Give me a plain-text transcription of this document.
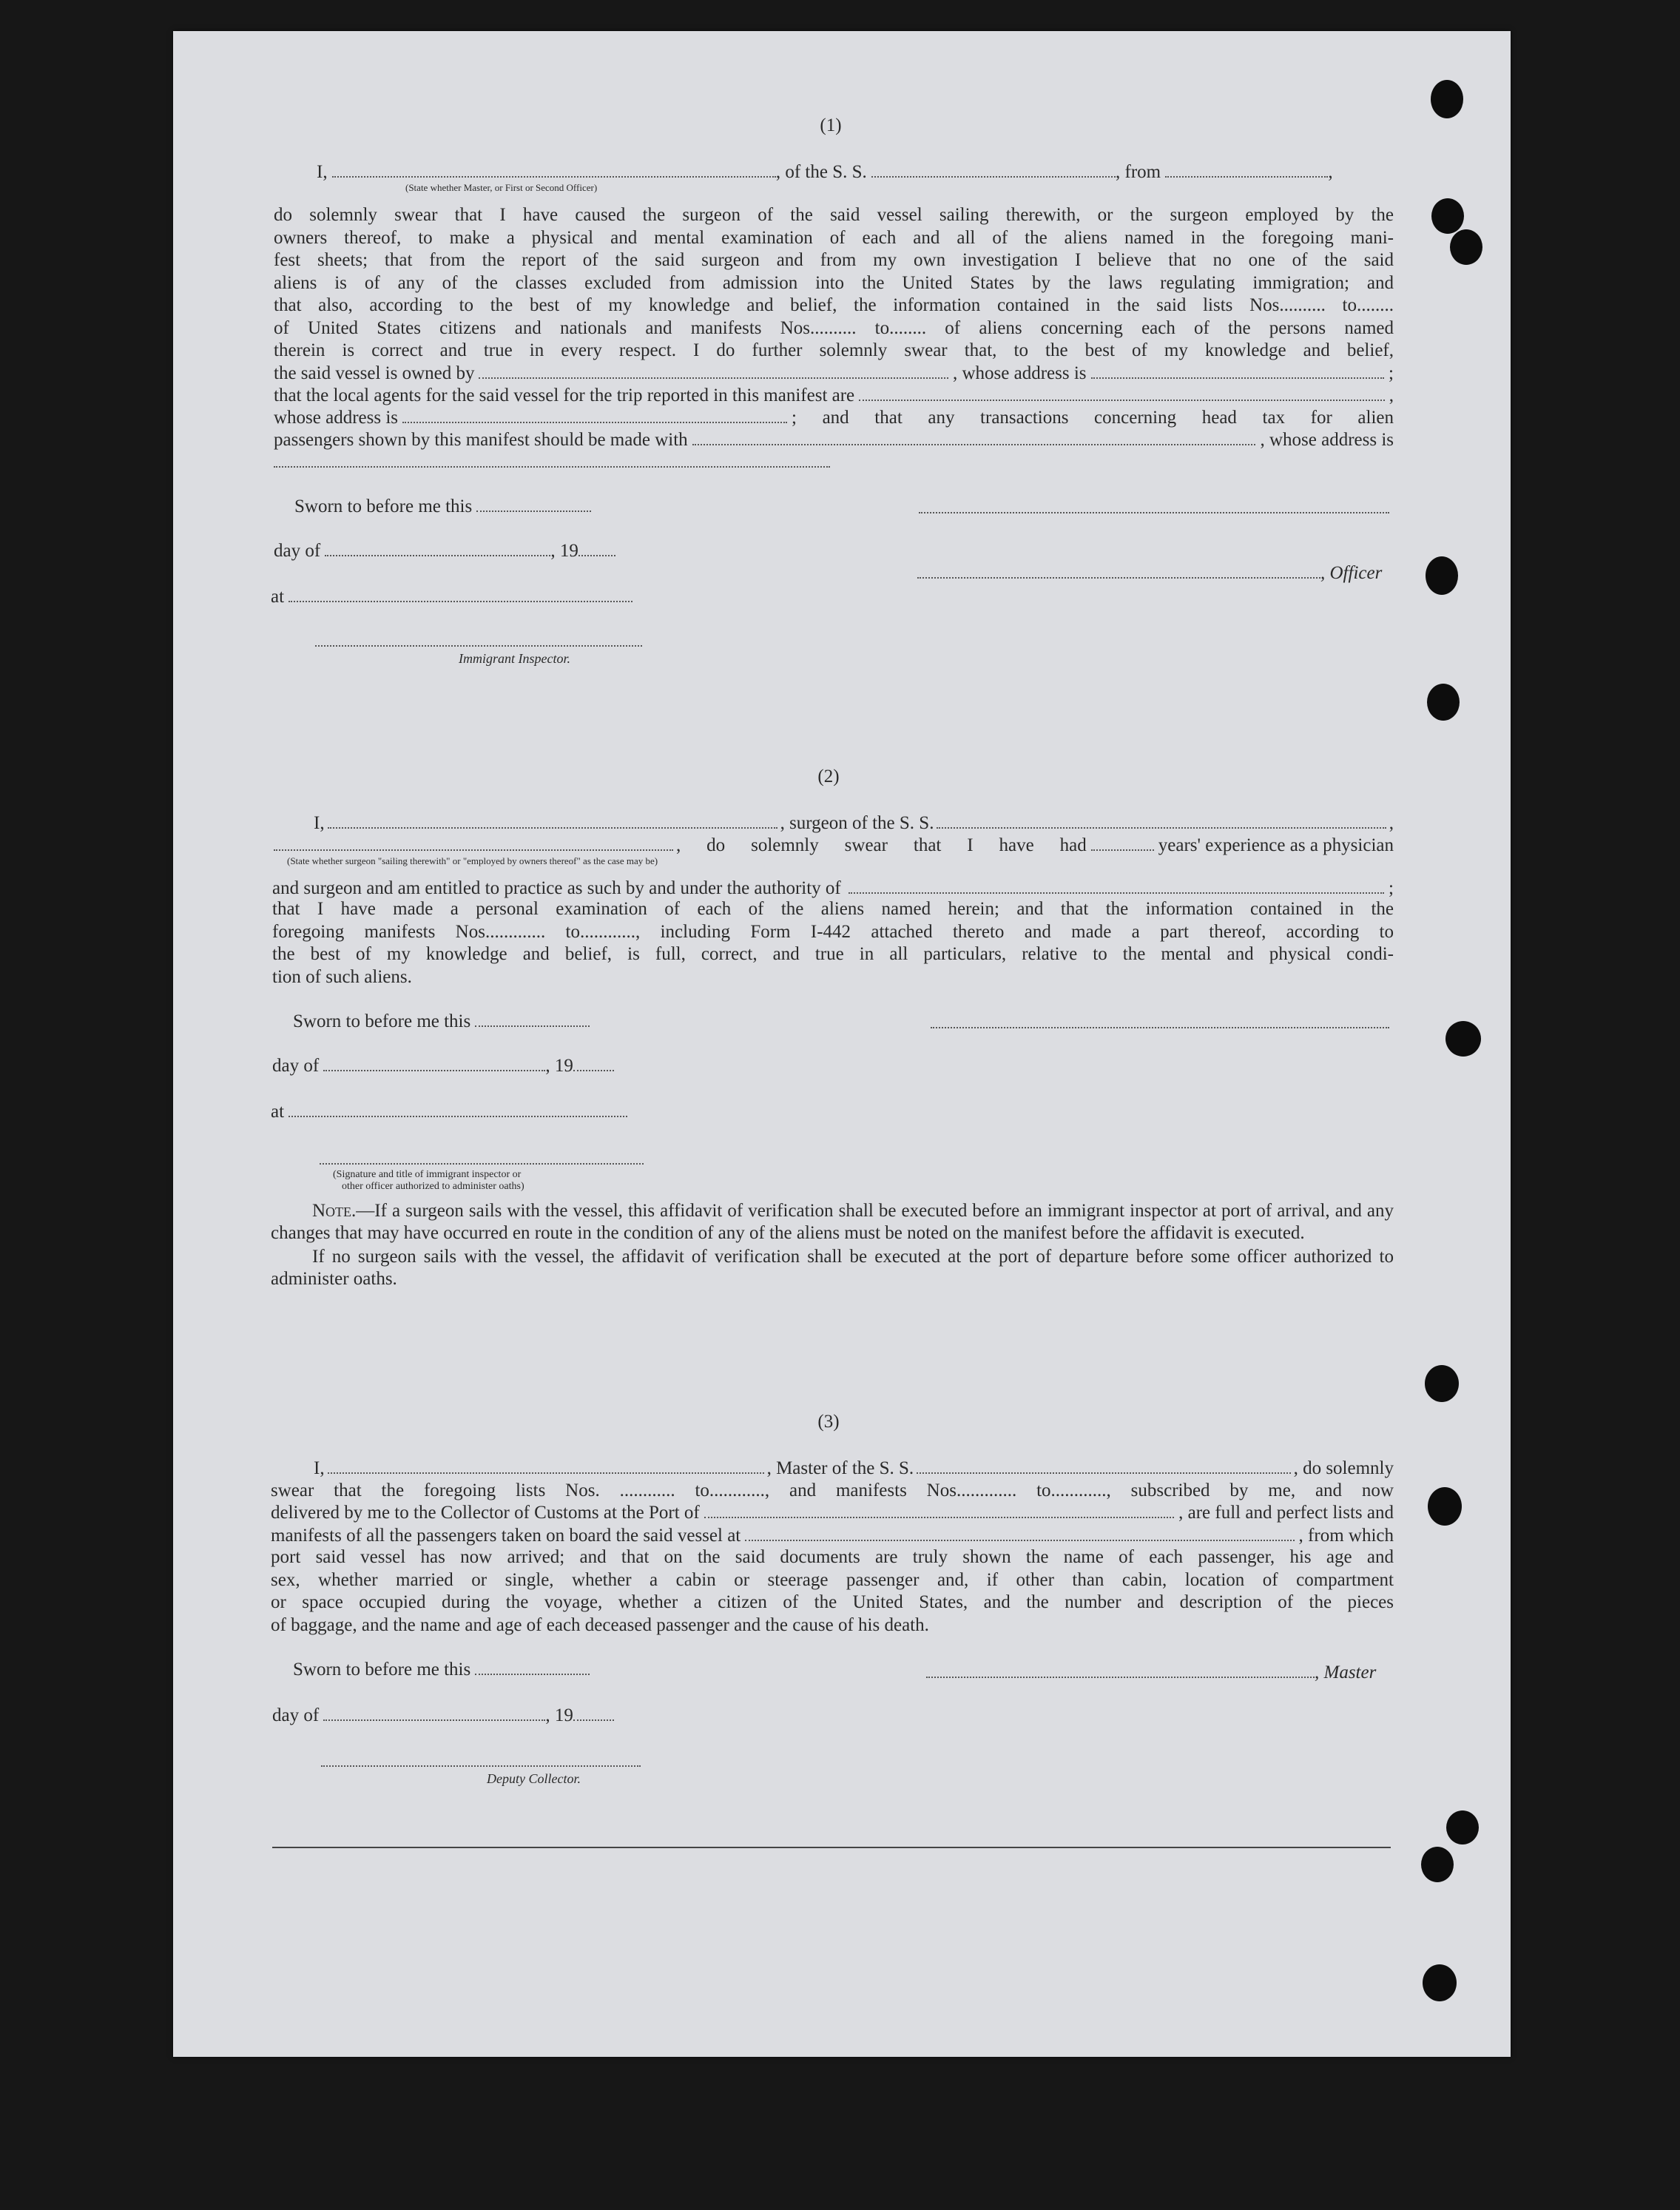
(1)
I,	, of the S. S.	, from	,
(State whether Master, or First or Second Officer)

do solemnly swear that I have caused the surgeon of the said vessel sailing therewith, or the surgeon employed by the

owners thereof, to make a physical and mental examination of each and all of the aliens named in the foregoing mani-

fest sheets; that from the report of the said surgeon and from my own investigation I believe that no one of the said

aliens is of any of the classes excluded from admission into the United States by the laws regulating immigration; and

that also, according to the best of my knowledge and belief, the information contained in the said lists Nos.......... to........

of United States citizens and nationals and manifests Nos.......... to........ of aliens concerning each of the persons named

therein is correct and true in every respect. I do further solemnly swear that, to the best of my knowledge and belief,

the said vessel is owned by	, whose address is	;
that the local agents for the said vessel for the trip reported in this manifest are	,
whose address is	; and that any transactions concerning head tax for alien
passengers shown by this manifest should be made with	, whose address is
Sworn to before me this
day of	, 19
, Officer
at
Immigrant Inspector.
(2)
I,	, surgeon of the S. S.	,
, do solemnly swear that I have had	years' experience as a physician
(State whether surgeon "sailing therewith" or "employed by owners thereof" as the case may be)
and surgeon and am entitled to practice as such by and under the authority of	;

that I have made a personal examination of each of the aliens named herein; and that the information contained in the

foregoing manifests Nos............. to............, including Form I-442 attached thereto and made a part thereof, according to

the best of my knowledge and belief, is full, correct, and true in all particulars, relative to the mental and physical condi-

tion of such aliens.
Sworn to before me this
day of	, 19
at
(Signature and title of immigrant inspector or
other officer authorized to administer oaths)

Note.—If a surgeon sails with the vessel, this affidavit of verification shall be executed before an immigrant inspector at port of arrival, and any changes that may have occurred en route in the condition of any of the aliens must be noted on the manifest before the affidavit is executed.

If no surgeon sails with the vessel, the affidavit of verification shall be executed at the port of departure before some officer authorized to administer oaths.

(3)
I,	, Master of the S. S.	, do solemnly
swear that the foregoing lists Nos. ............ to............, and manifests Nos............. to............, subscribed by me, and now
delivered by me to the Collector of Customs at the Port of	, are full and perfect lists and
manifests of all the passengers taken on board the said vessel at	, from which

port said vessel has now arrived; and that on the said documents are truly shown the name of each passenger, his age and

sex, whether married or single, whether a cabin or steerage passenger and, if other than cabin, location of compartment

or space occupied during the voyage, whether a citizen of the United States, and the number and description of the pieces

of baggage, and the name and age of each deceased passenger and the cause of his death.
Sworn to before me this	, Master
day of	, 19
Deputy Collector.
